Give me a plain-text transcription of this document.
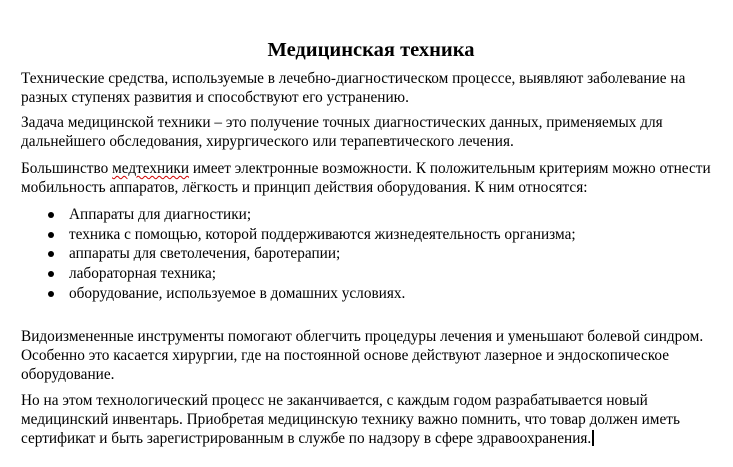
Медицинская техника

Технические средства, используемые в лечебно-диагностическом процессе, выявляют заболевание на разных ступенях развития и способствуют его устранению.

Задача медицинской техники – это получение точных диагностических данных, применяемых для дальнейшего обследования, хирургического или терапевтического лечения.

Большинство медтехники имеет электронные возможности. К положительным критериям можно отнести мобильность аппаратов, лёгкость и принцип действия оборудования. К ним относятся:

Аппараты для диагностики;
техника с помощью, которой поддерживаются жизнедеятельность организма;
аппараты для светолечения, баротерапии;
лабораторная техника;
оборудование, используемое в домашних условиях.

Видоизмененные инструменты помогают облегчить процедуры лечения и уменьшают болевой синдром. Особенно это касается хирургии, где на постоянной основе действуют лазерное и эндоскопическое оборудование.

Но на этом технологический процесс не заканчивается, с каждым годом разрабатывается новый медицинский инвентарь. Приобретая медицинскую технику важно помнить, что товар должен иметь сертификат и быть зарегистрированным в службе по надзору в сфере здравоохранения.
